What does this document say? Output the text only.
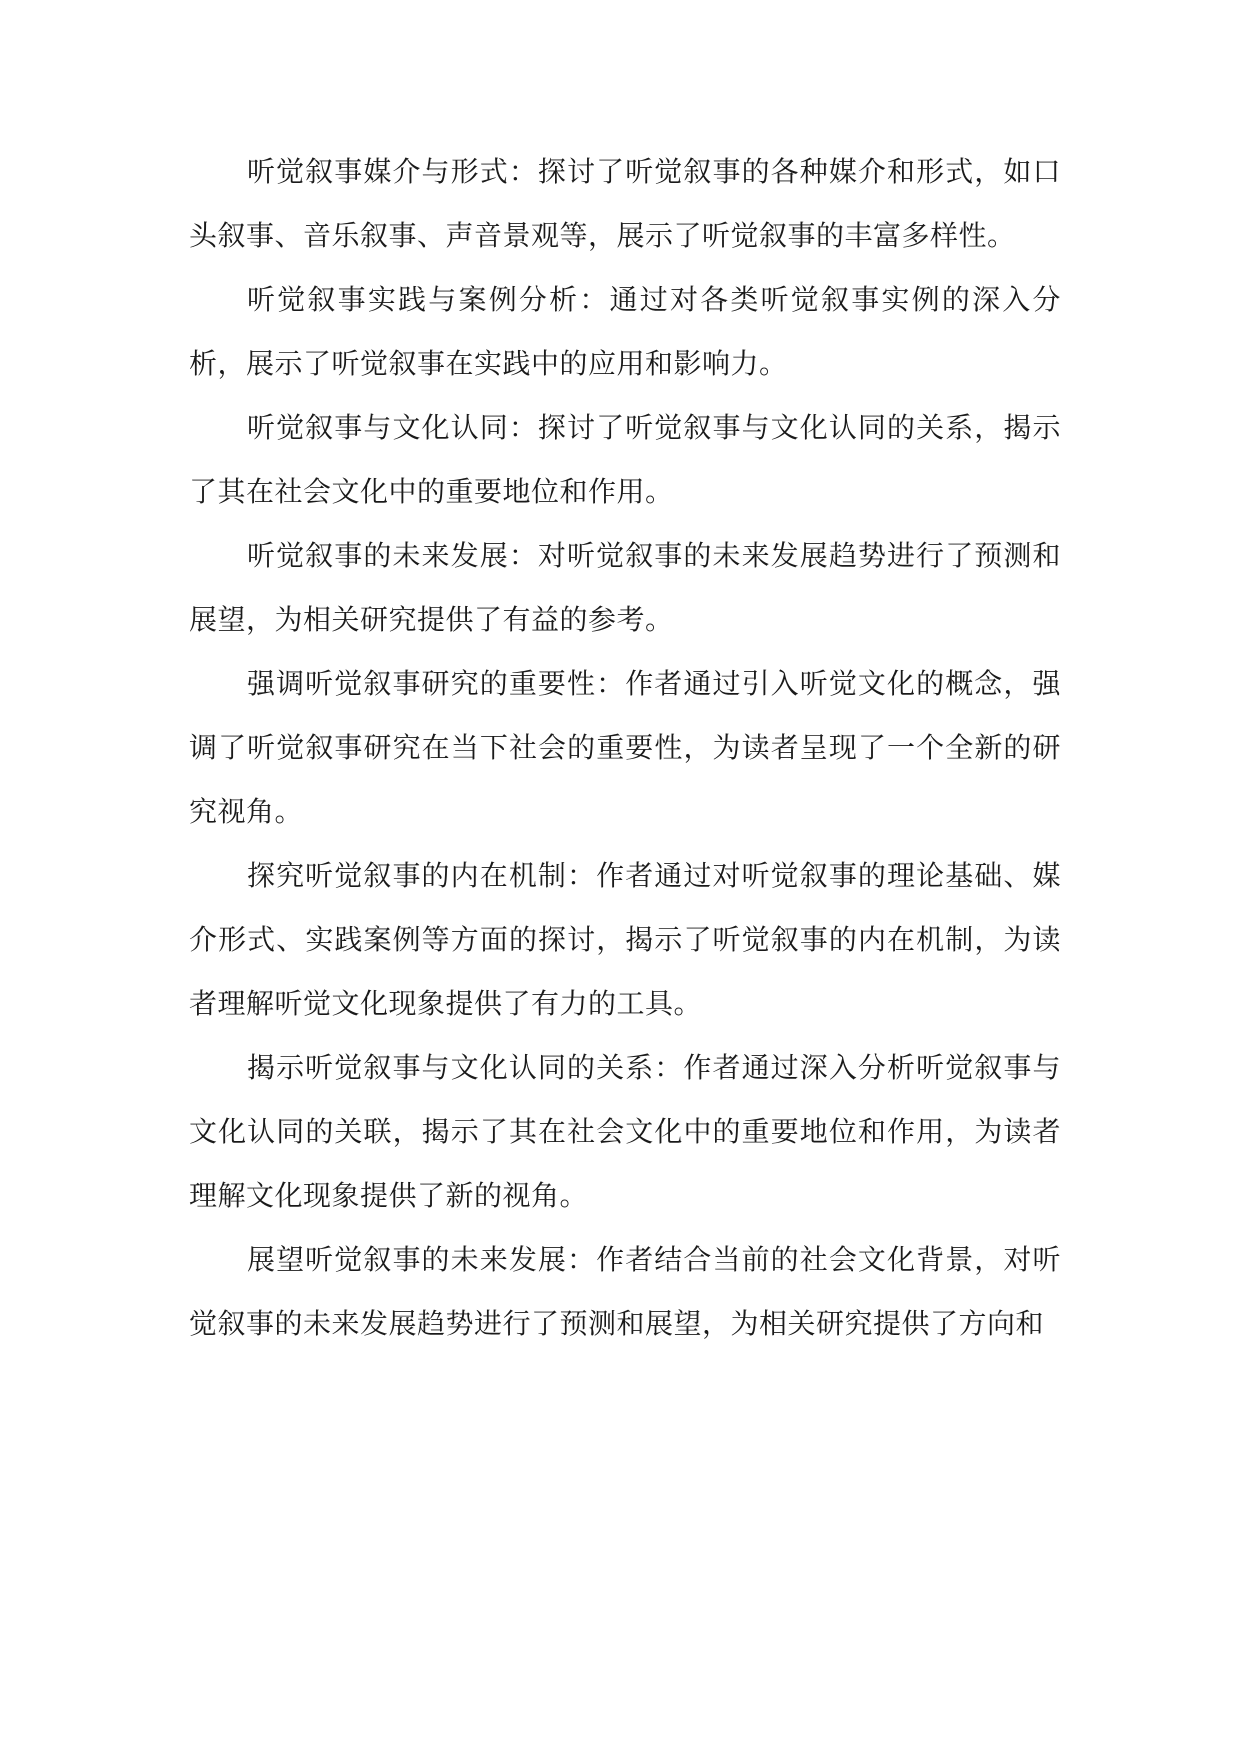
听觉叙事媒介与形式：探讨了听觉叙事的各种媒介和形式，如口头叙事、音乐叙事、声音景观等，展示了听觉叙事的丰富多样性。

听觉叙事实践与案例分析：通过对各类听觉叙事实例的深入分析，展示了听觉叙事在实践中的应用和影响力。

听觉叙事与文化认同：探讨了听觉叙事与文化认同的关系，揭示了其在社会文化中的重要地位和作用。

听觉叙事的未来发展：对听觉叙事的未来发展趋势进行了预测和展望，为相关研究提供了有益的参考。

强调听觉叙事研究的重要性：作者通过引入听觉文化的概念，强调了听觉叙事研究在当下社会的重要性，为读者呈现了一个全新的研究视角。

探究听觉叙事的内在机制：作者通过对听觉叙事的理论基础、媒介形式、实践案例等方面的探讨，揭示了听觉叙事的内在机制，为读者理解听觉文化现象提供了有力的工具。

揭示听觉叙事与文化认同的关系：作者通过深入分析听觉叙事与文化认同的关联，揭示了其在社会文化中的重要地位和作用，为读者理解文化现象提供了新的视角。

展望听觉叙事的未来发展：作者结合当前的社会文化背景，对听觉叙事的未来发展趋势进行了预测和展望，为相关研究提供了方向和
